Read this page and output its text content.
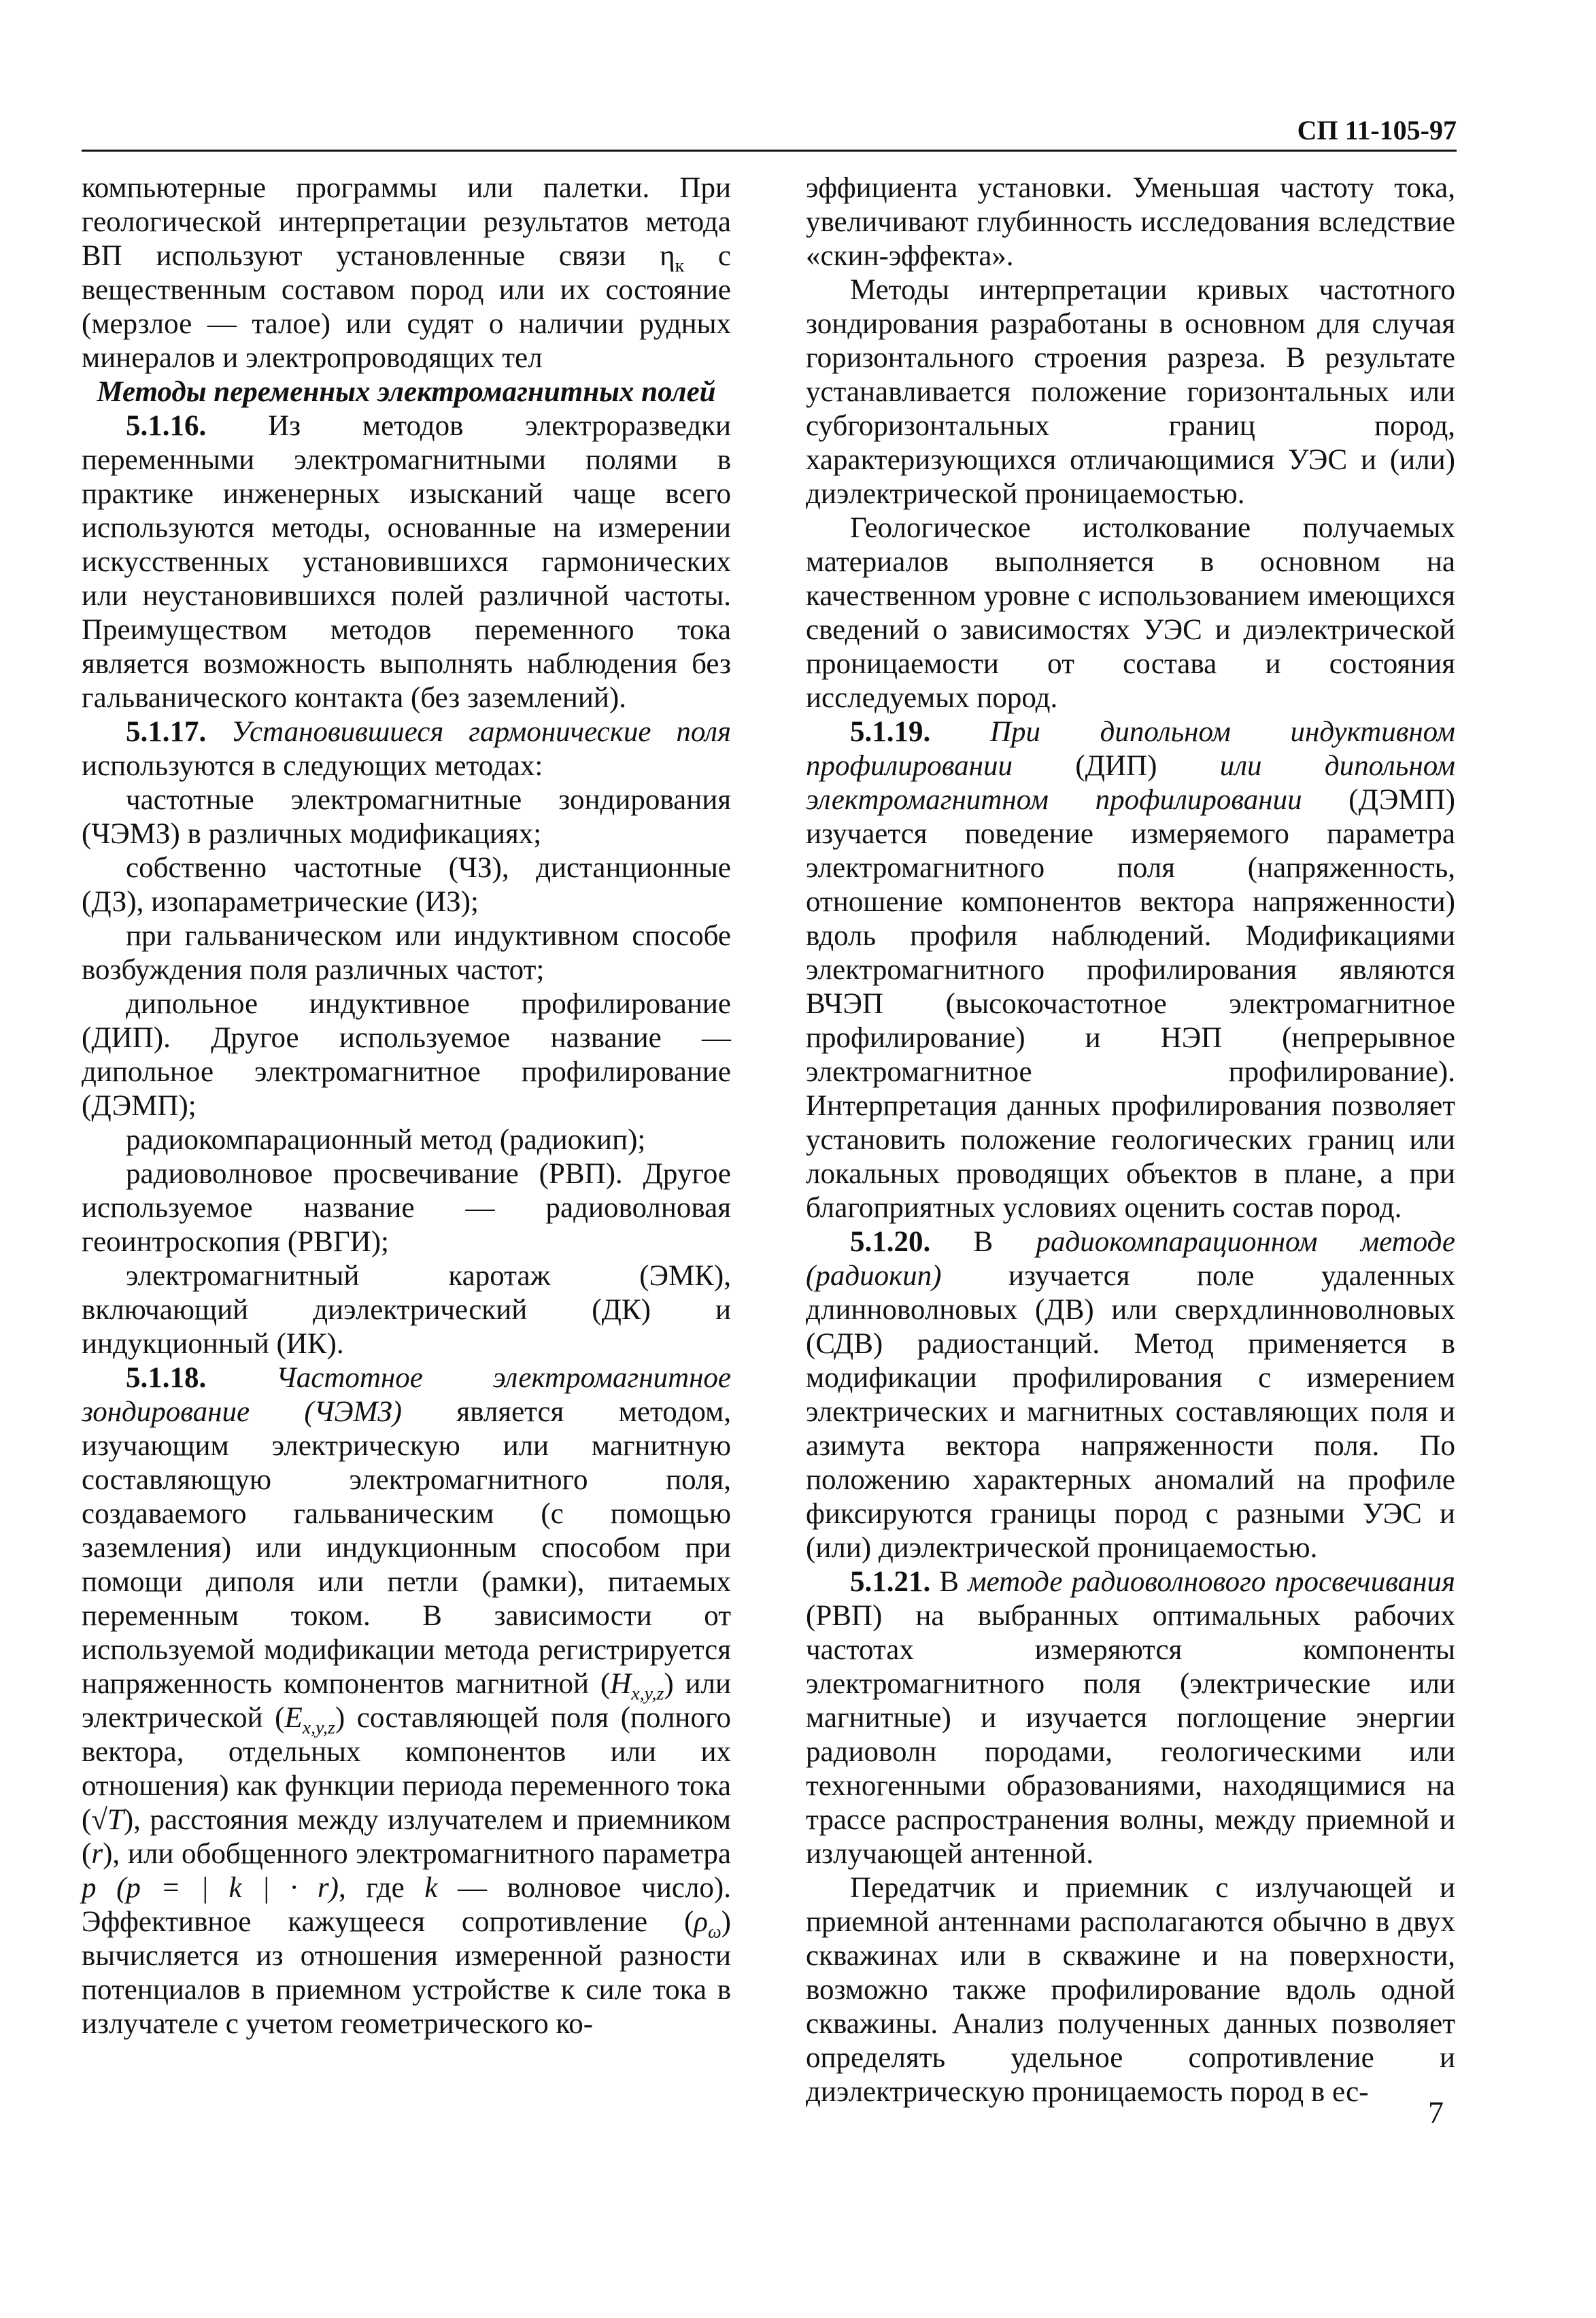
СП 11-105-97

компьютерные программы или палетки. При геологической интерпретации результатов метода ВП используют установленные связи $\eta_к$ с вещественным составом пород или их состояние (мерзлое — талое) или судят о наличии рудных минералов и электропроводящих тел

Методы переменных электромагнитных полей

5.1.16. Из методов электроразведки переменными электромагнитными полями в практике инженерных изысканий чаще всего используются методы, основанные на измерении искусственных установившихся гармонических или неустановившихся полей различной частоты. Преимуществом методов переменного тока является возможность выполнять наблюдения без гальванического контакта (без заземлений).

5.1.17. Установившиеся гармонические поля используются в следующих методах:

частотные электромагнитные зондирования (ЧЭМЗ) в различных модификациях;

собственно частотные (ЧЗ), дистанционные (ДЗ), изопараметрические (ИЗ);

при гальваническом или индуктивном способе возбуждения поля различных частот;

дипольное индуктивное профилирование (ДИП). Другое используемое название — дипольное электромагнитное профилирование (ДЭМП);

радиокомпарационный метод (радиокип);

радиоволновое просвечивание (РВП). Другое используемое название — радиоволновая геоинтроскопия (РВГИ);

электромагнитный каротаж (ЭМК), включающий диэлектрический (ДК) и индукционный (ИК).

5.1.18. Частотное электромагнитное зондирование (ЧЭМЗ) является методом, изучающим электрическую или магнитную составляющую электромагнитного поля, создаваемого гальваническим (с помощью заземления) или индукционным способом при помощи диполя или петли (рамки), питаемых переменным током. В зависимости от используемой модификации метода регистрируется напряженность компонентов магнитной $(H_{x,y,z})$ или электрической $(E_{x,y,z})$ составляющей поля (полного вектора, отдельных компонентов или их отношения) как функции периода переменного тока (√T), расстояния между излучателем и приемником (r), или обобщенного электромагнитного параметра p (p = | k | · r), где k — волновое число). Эффективное кажущееся сопротивление $(\rho_\omega)$ вычисляется из отношения измеренной разности потенциалов в приемном устройстве к силе тока в излучателе с учетом геометрического ко-

эффициента установки. Уменьшая частоту тока, увеличивают глубинность исследования вследствие «скин-эффекта».

Методы интерпретации кривых частотного зондирования разработаны в основном для случая горизонтального строения разреза. В результате устанавливается положение горизонтальных или субгоризонтальных границ пород, характеризующихся отличающимися УЭС и (или) диэлектрической проницаемостью.

Геологическое истолкование получаемых материалов выполняется в основном на качественном уровне с использованием имеющихся сведений о зависимостях УЭС и диэлектрической проницаемости от состава и состояния исследуемых пород.

5.1.19. При дипольном индуктивном профилировании (ДИП) или дипольном электромагнитном профилировании (ДЭМП) изучается поведение измеряемого параметра электромагнитного поля (напряженность, отношение компонентов вектора напряженности) вдоль профиля наблюдений. Модификациями электромагнитного профилирования являются ВЧЭП (высокочастотное электромагнитное профилирование) и НЭП (непрерывное электромагнитное профилирование). Интерпретация данных профилирования позволяет установить положение геологических границ или локальных проводящих объектов в плане, а при благоприятных условиях оценить состав пород.

5.1.20. В радиокомпарационном методе (радиокип) изучается поле удаленных длинноволновых (ДВ) или сверхдлинноволновых (СДВ) радиостанций. Метод применяется в модификации профилирования с измерением электрических и магнитных составляющих поля и азимута вектора напряженности поля. По положению характерных аномалий на профиле фиксируются границы пород с разными УЭС и (или) диэлектрической проницаемостью.

5.1.21. В методе радиоволнового просвечивания (РВП) на выбранных оптимальных рабочих частотах измеряются компоненты электромагнитного поля (электрические или магнитные) и изучается поглощение энергии радиоволн породами, геологическими или техногенными образованиями, находящимися на трассе распространения волны, между приемной и излучающей антенной.

Передатчик и приемник с излучающей и приемной антеннами располагаются обычно в двух скважинах или в скважине и на поверхности, возможно также профилирование вдоль одной скважины. Анализ полученных данных позволяет определять удельное сопротивление и диэлектрическую проницаемость пород в ес-

7
